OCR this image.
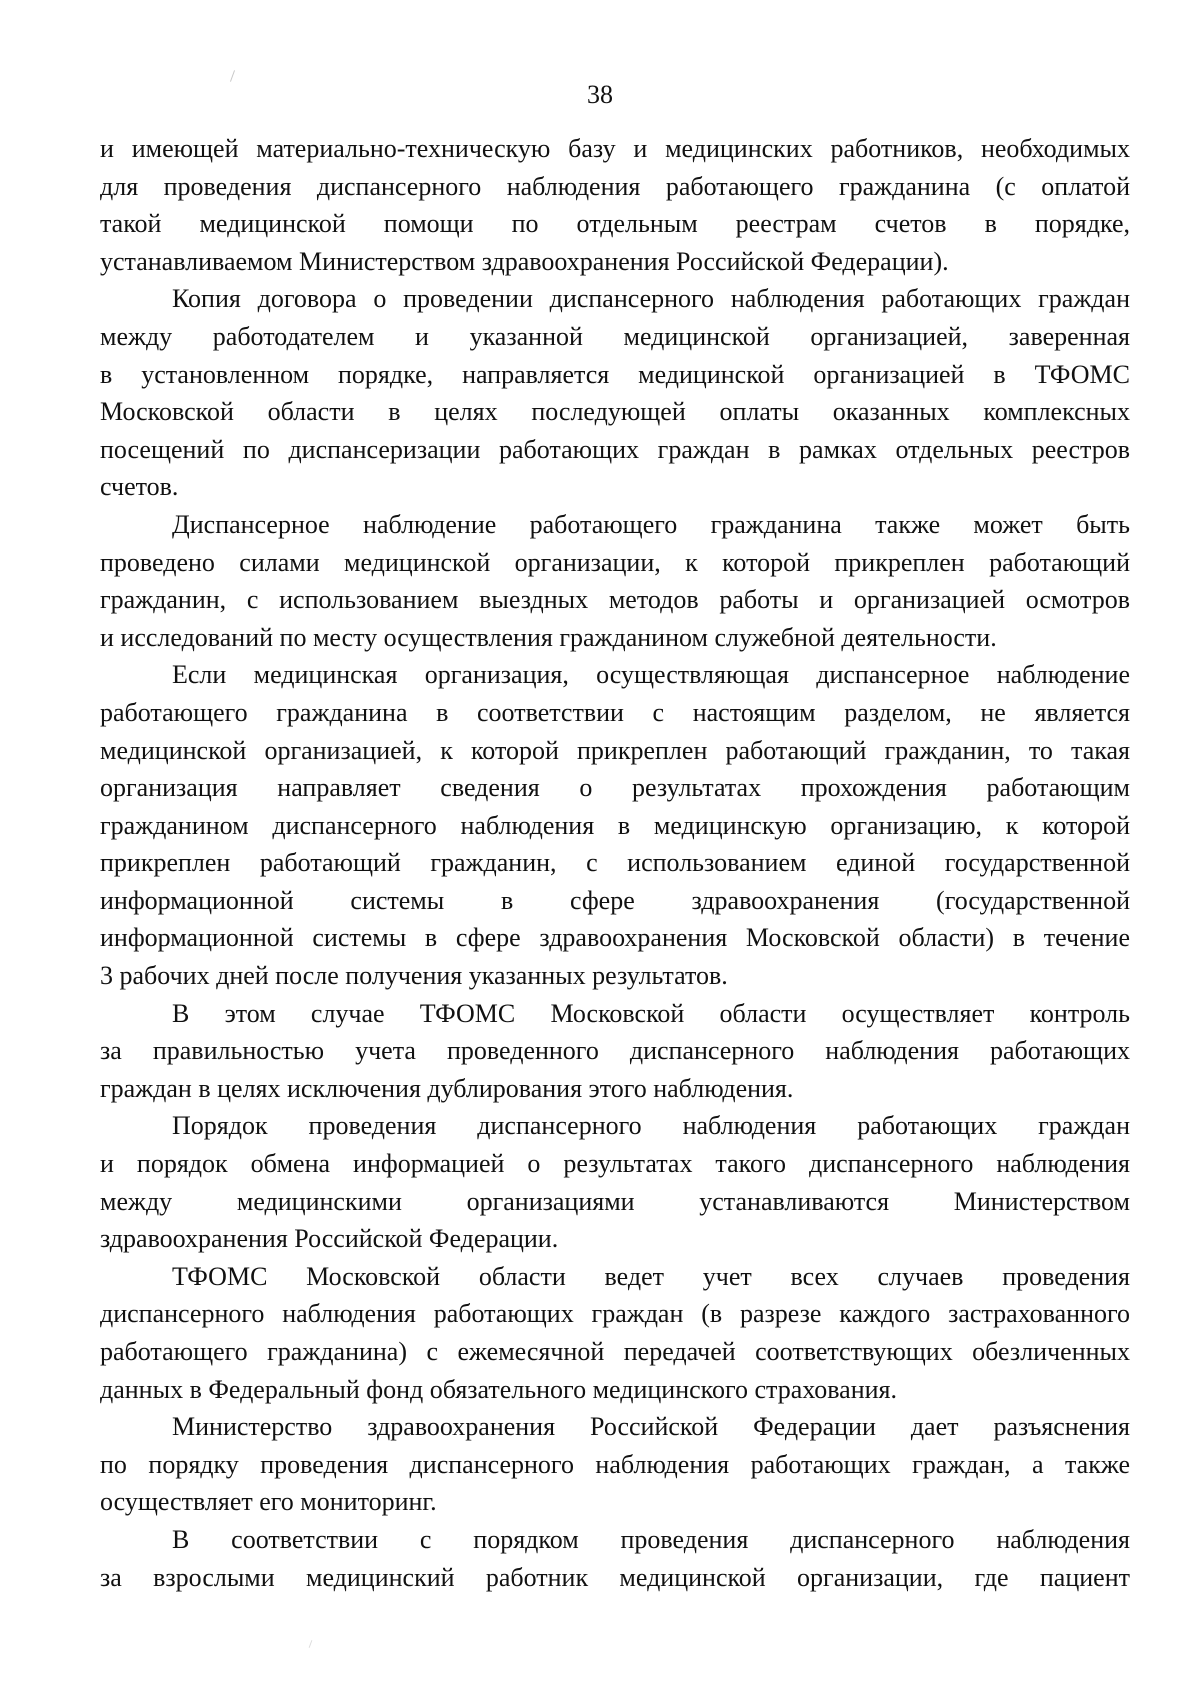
38
и имеющей материально-техническую базу и медицинских работников, необходимых
для проведения диспансерного наблюдения работающего гражданина (с оплатой
такой медицинской помощи по отдельным реестрам счетов в порядке,
устанавливаемом Министерством здравоохранения Российской Федерации).
Копия договора о проведении диспансерного наблюдения работающих граждан
между работодателем и указанной медицинской организацией, заверенная
в установленном порядке, направляется медицинской организацией в ТФОМС
Московской области в целях последующей оплаты оказанных комплексных
посещений по диспансеризации работающих граждан в рамках отдельных реестров
счетов.
Диспансерное наблюдение работающего гражданина также может быть
проведено силами медицинской организации, к которой прикреплен работающий
гражданин, с использованием выездных методов работы и организацией осмотров
и исследований по месту осуществления гражданином служебной деятельности.
Если медицинская организация, осуществляющая диспансерное наблюдение
работающего гражданина в соответствии с настоящим разделом, не является
медицинской организацией, к которой прикреплен работающий гражданин, то такая
организация направляет сведения о результатах прохождения работающим
гражданином диспансерного наблюдения в медицинскую организацию, к которой
прикреплен работающий гражданин, с использованием единой государственной
информационной системы в сфере здравоохранения (государственной
информационной системы в сфере здравоохранения Московской области) в течение
3 рабочих дней после получения указанных результатов.
В этом случае ТФОМС Московской области осуществляет контроль
за правильностью учета проведенного диспансерного наблюдения работающих
граждан в целях исключения дублирования этого наблюдения.
Порядок проведения диспансерного наблюдения работающих граждан
и порядок обмена информацией о результатах такого диспансерного наблюдения
между медицинскими организациями устанавливаются Министерством
здравоохранения Российской Федерации.
ТФОМС Московской области ведет учет всех случаев проведения
диспансерного наблюдения работающих граждан (в разрезе каждого застрахованного
работающего гражданина) с ежемесячной передачей соответствующих обезличенных
данных в Федеральный фонд обязательного медицинского страхования.
Министерство здравоохранения Российской Федерации дает разъяснения
по порядку проведения диспансерного наблюдения работающих граждан, а также
осуществляет его мониторинг.
В соответствии с порядком проведения диспансерного наблюдения
за взрослыми медицинский работник медицинской организации, где пациент
